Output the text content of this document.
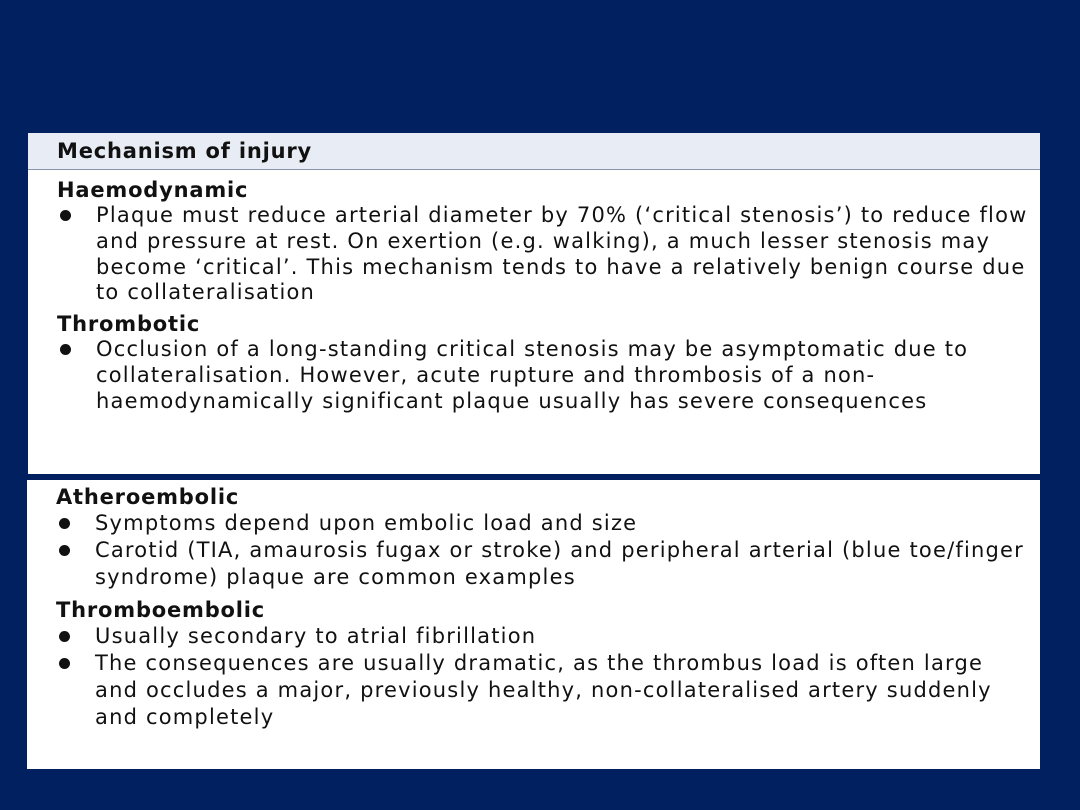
Mechanism of injury
Haemodynamic
Plaque must reduce arterial diameter by 70% (‘critical stenosis’) to reduce flow and pressure at rest. On exertion (e.g. walking), a much lesser stenosis may become ‘critical’. This mechanism tends to have a relatively benign course due to collateralisation
Thrombotic
Occlusion of a long-standing critical stenosis may be asymptomatic due to collateralisation. However, acute rupture and thrombosis of a non-haemodynamically significant plaque usually has severe consequences
Atheroembolic
Symptoms depend upon embolic load and size
Carotid (TIA, amaurosis fugax or stroke) and peripheral arterial (blue toe/finger syndrome) plaque are common examples
Thromboembolic
Usually secondary to atrial fibrillation
The consequences are usually dramatic, as the thrombus load is often large and occludes a major, previously healthy, non-collateralised artery suddenly and completely
